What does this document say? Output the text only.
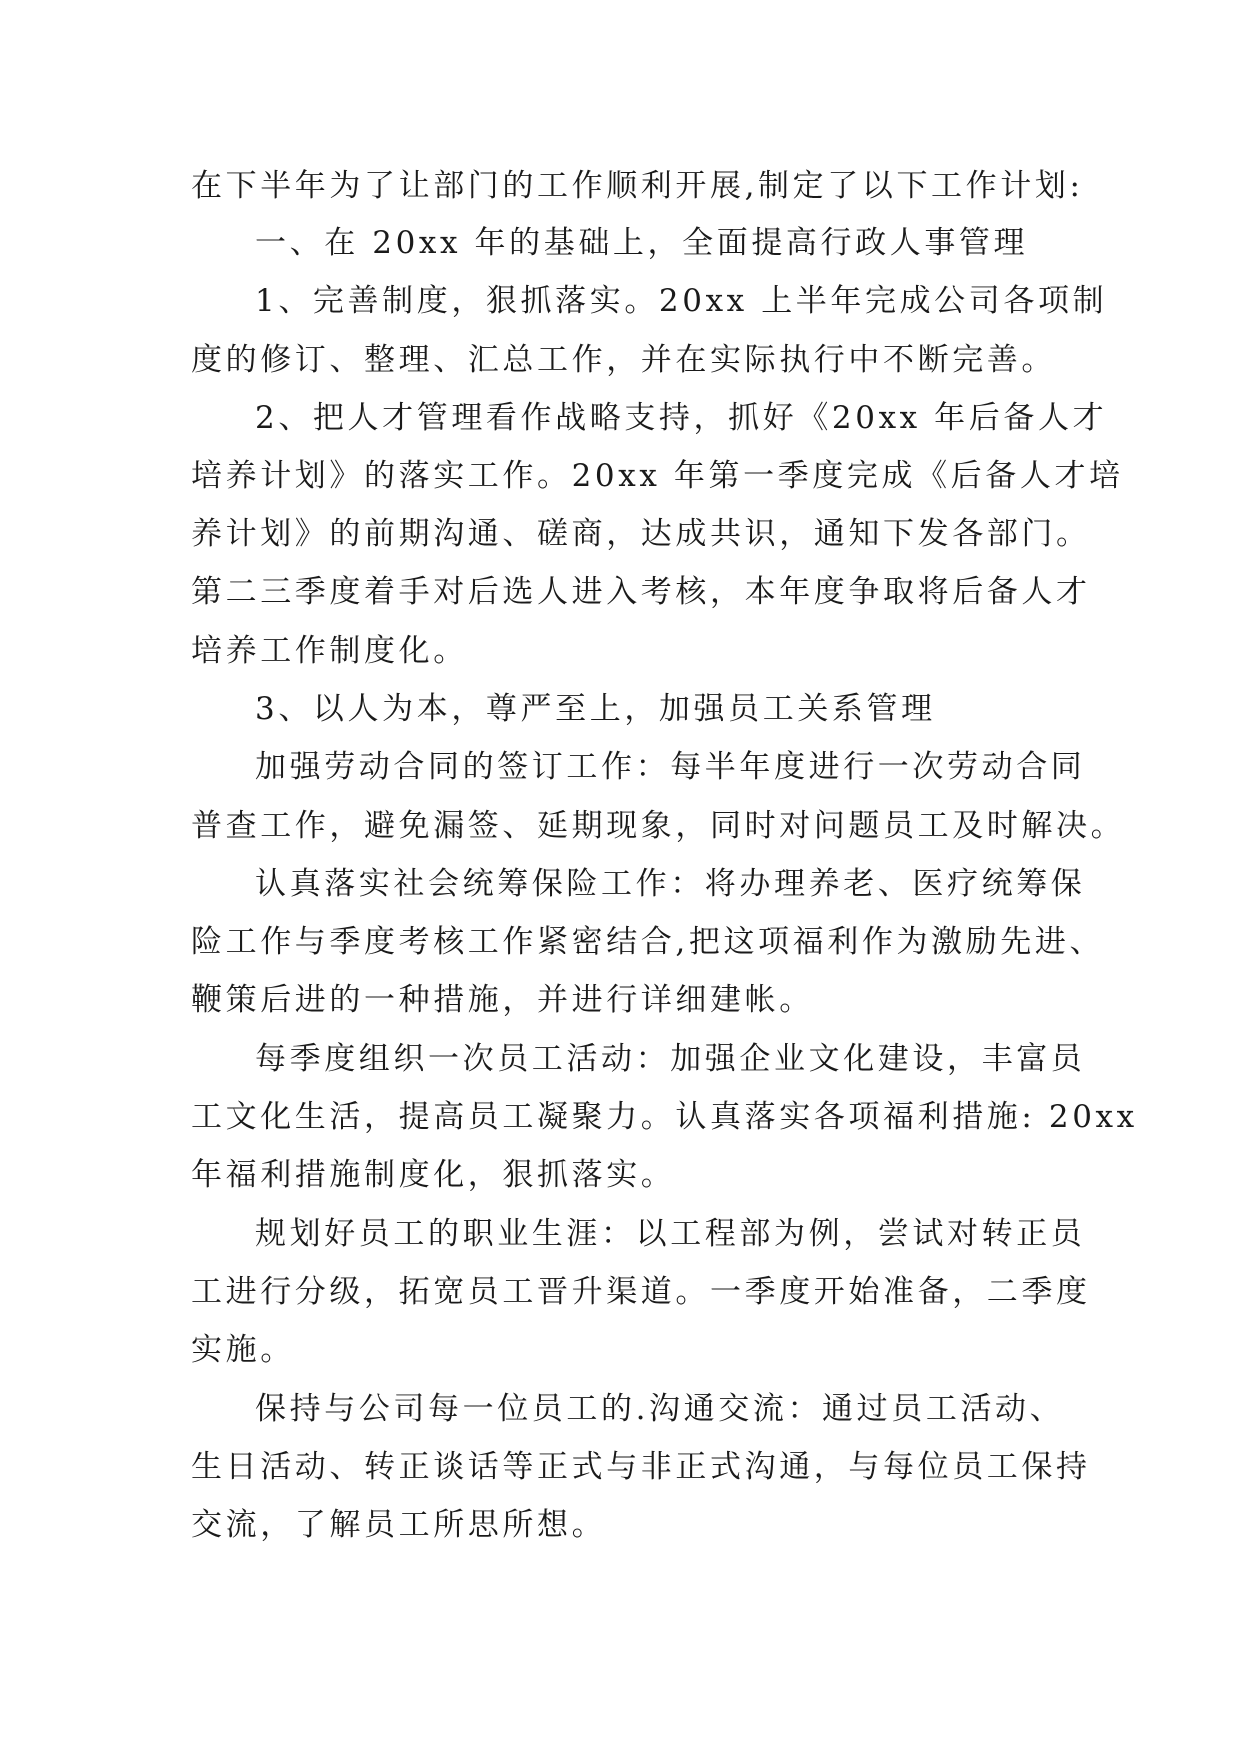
在下半年为了让部门的工作顺利开展,制定了以下工作计划:

一、在 20xx 年的基础上，全面提高行政人事管理

1、完善制度，狠抓落实。20xx 上半年完成公司各项制

度的修订、整理、汇总工作，并在实际执行中不断完善。

2、把人才管理看作战略支持，抓好《20xx 年后备人才

培养计划》的落实工作。20xx 年第一季度完成《后备人才培

养计划》的前期沟通、磋商，达成共识，通知下发各部门。

第二三季度着手对后选人进入考核，本年度争取将后备人才

培养工作制度化。

3、以人为本，尊严至上，加强员工关系管理

加强劳动合同的签订工作：每半年度进行一次劳动合同

普查工作，避免漏签、延期现象，同时对问题员工及时解决。

认真落实社会统筹保险工作：将办理养老、医疗统筹保

险工作与季度考核工作紧密结合,把这项福利作为激励先进、

鞭策后进的一种措施，并进行详细建帐。

每季度组织一次员工活动：加强企业文化建设，丰富员

工文化生活，提高员工凝聚力。认真落实各项福利措施: 20xx

年福利措施制度化，狠抓落实。

规划好员工的职业生涯：以工程部为例，尝试对转正员

工进行分级，拓宽员工晋升渠道。一季度开始准备，二季度

实施。

保持与公司每一位员工的.沟通交流：通过员工活动、

生日活动、转正谈话等正式与非正式沟通，与每位员工保持

交流，了解员工所思所想。
